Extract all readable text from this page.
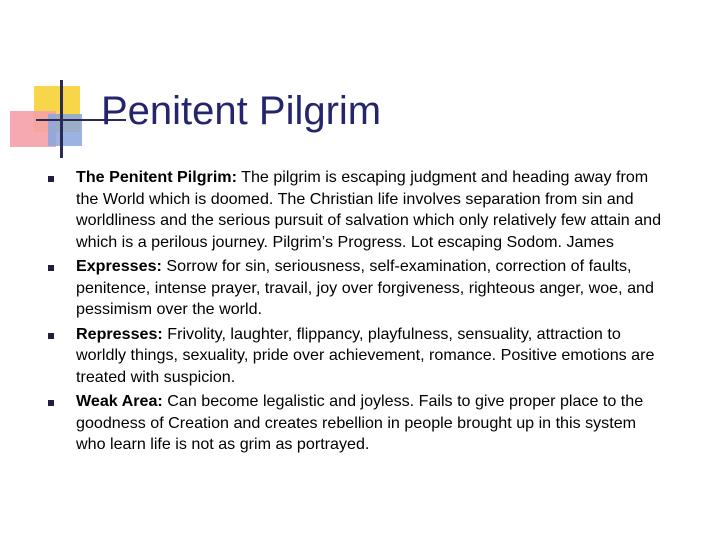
Penitent Pilgrim
The Penitent Pilgrim: The pilgrim is escaping judgment and heading away from the World which is doomed. The Christian life involves separation from sin and worldliness and the serious pursuit of salvation which only relatively few attain and which is a perilous journey. Pilgrim’s Progress. Lot escaping Sodom. James
Expresses: Sorrow for sin, seriousness, self-examination, correction of faults, penitence, intense prayer, travail, joy over forgiveness, righteous anger, woe, and pessimism over the world.
Represses: Frivolity, laughter, flippancy, playfulness, sensuality, attraction to worldly things, sexuality, pride over achievement, romance. Positive emotions are treated with suspicion.
Weak Area: Can become legalistic and joyless. Fails to give proper place to the goodness of Creation and creates rebellion in people brought up in this system who learn life is not as grim as portrayed.
